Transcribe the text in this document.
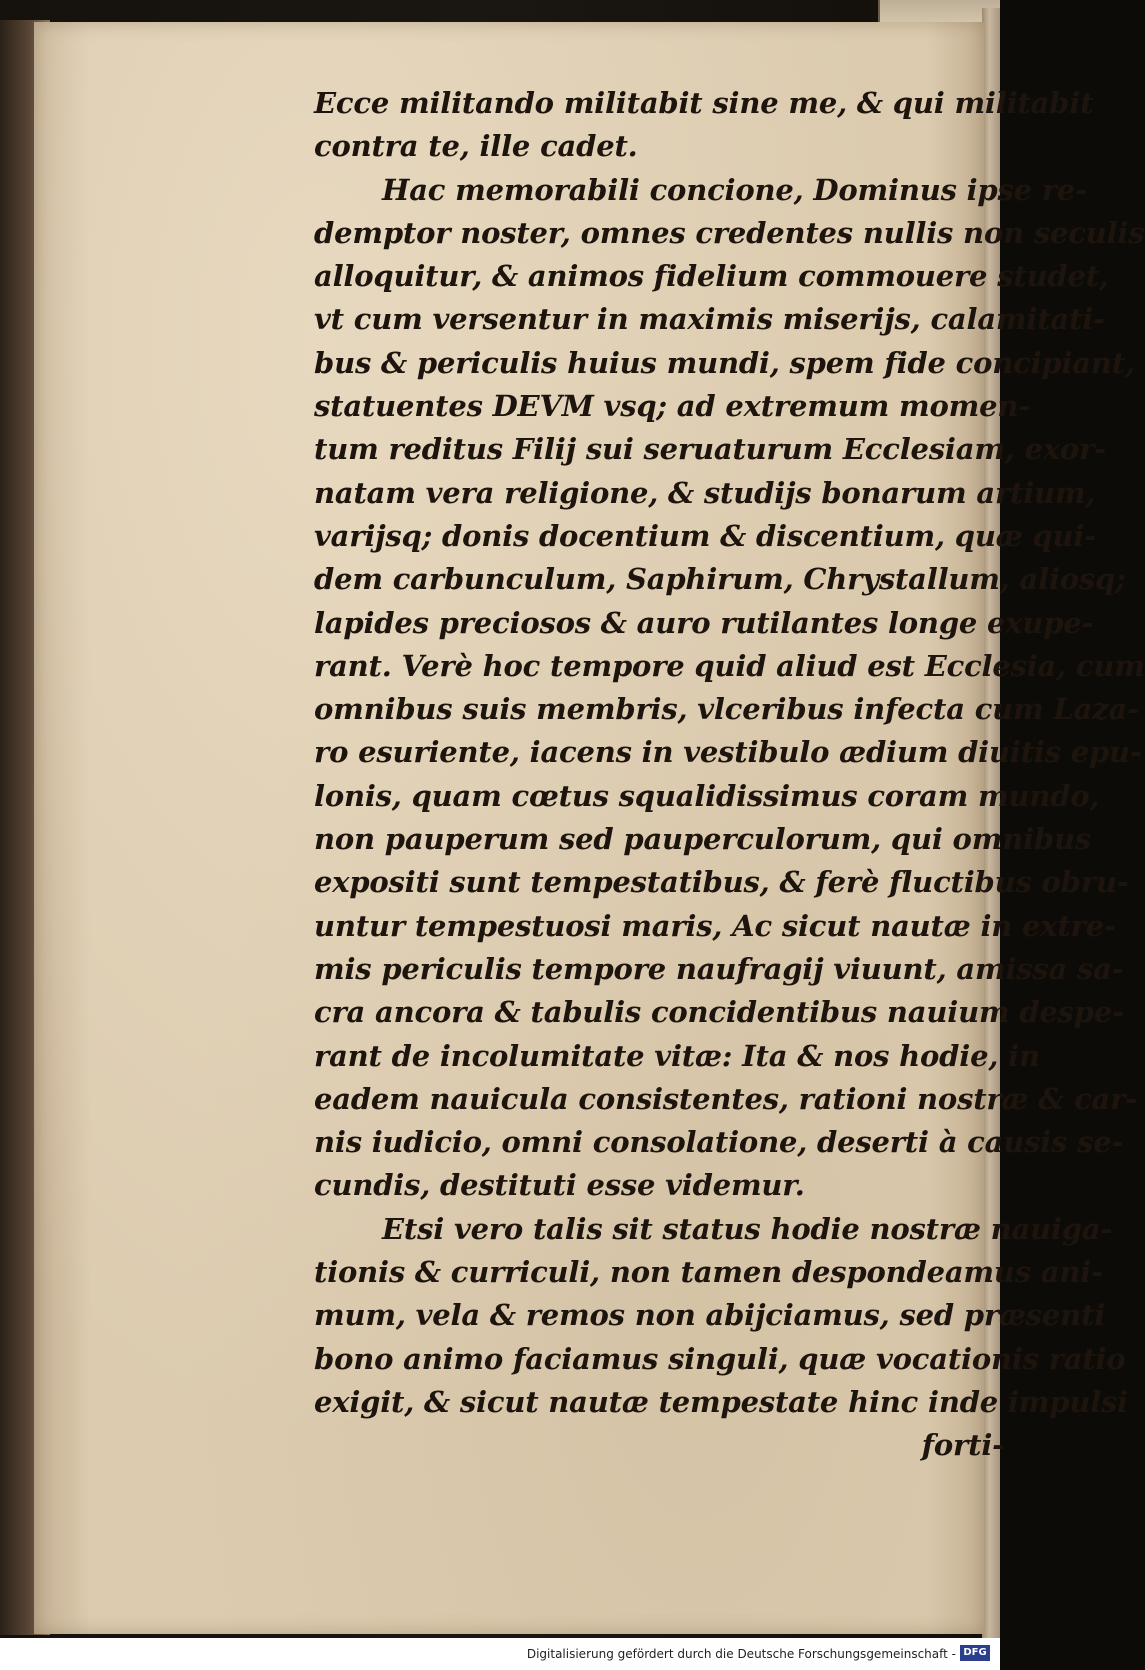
Ecce militando militabit sine me, & qui militabit
contra te, ille cadet.
Hac memorabili concione, Dominus ipse re-
demptor noster, omnes credentes nullis non seculis
alloquitur, & animos fidelium commouere studet,
vt cum versentur in maximis miserijs, calamitati-
bus & periculis huius mundi, spem fide concipiant,
statuentes DEVM vsq; ad extremum momen-
tum reditus Filij sui seruaturum Ecclesiam, exor-
natam vera religione, & studijs bonarum artium,
varijsq; donis docentium & discentium, quæ qui-
dem carbunculum, Saphirum, Chrystallum, aliosq;
lapides preciosos & auro rutilantes longe exupe-
rant. Verè hoc tempore quid aliud est Ecclesia, cum
omnibus suis membris, vlceribus infecta cum Laza-
ro esuriente, iacens in vestibulo ædium diuitis epu-
lonis, quam cœtus squalidissimus coram mundo,
non pauperum sed pauperculorum, qui omnibus
expositi sunt tempestatibus, & ferè fluctibus obru-
untur tempestuosi maris, Ac sicut nautæ in extre-
mis periculis tempore naufragij viuunt, amissa sa-
cra ancora & tabulis concidentibus nauium despe-
rant de incolumitate vitæ: Ita & nos hodie, in
eadem nauicula consistentes, rationi nostræ & car-
nis iudicio, omni consolatione, deserti à causis se-
cundis, destituti esse videmur.
Etsi vero talis sit status hodie nostræ nauiga-
tionis & curriculi, non tamen despondeamus ani-
mum, vela & remos non abijciamus, sed præsenti
bono animo faciamus singuli, quæ vocationis ratio
exigit, & sicut nautæ tempestate hinc inde impulsi
forti-
Digitalisierung gefördert durch die Deutsche Forschungsgemeinschaft - DFG
